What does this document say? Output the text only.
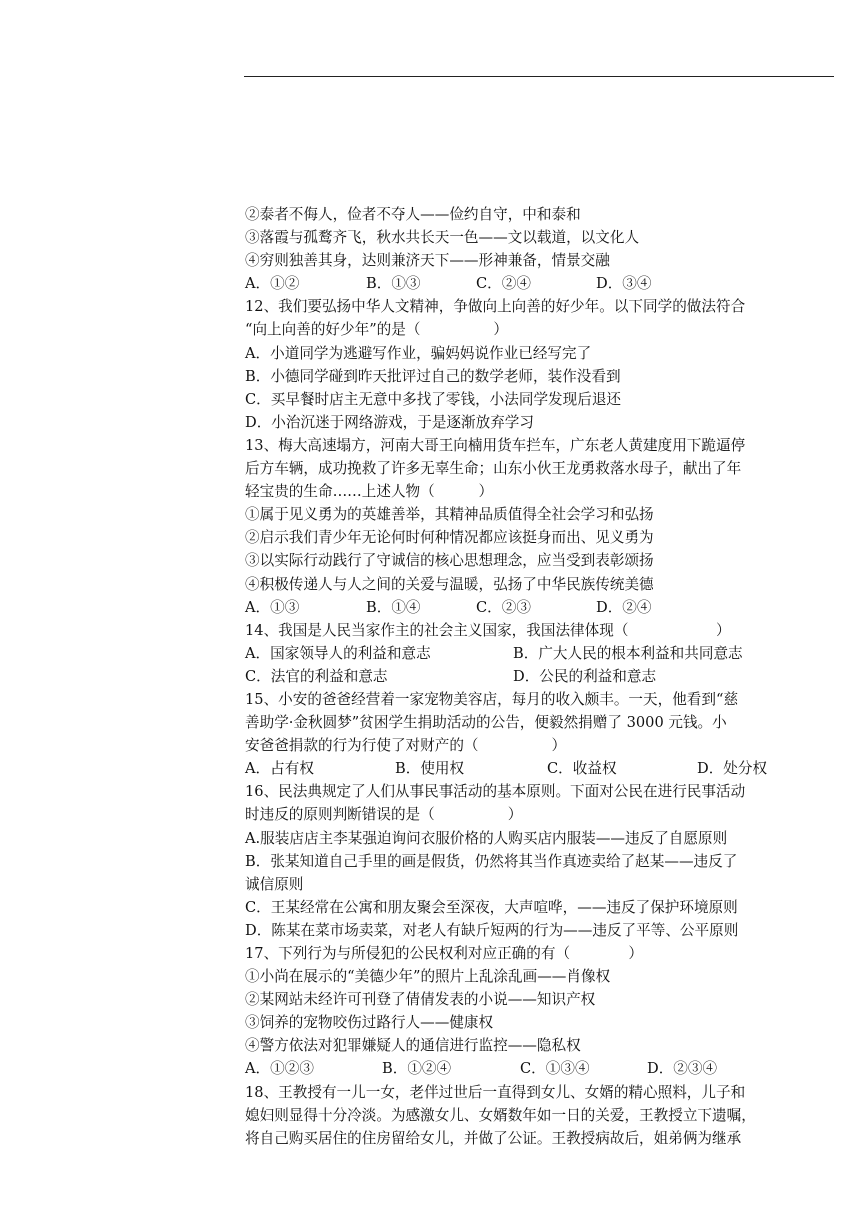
②泰者不侮人，俭者不夺人——俭约自守，中和泰和
③落霞与孤鹜齐飞，秋水共长天一色——文以载道，以文化人
④穷则独善其身，达则兼济天下——形神兼备，情景交融
A．①②	B．①③	C．②④	D．③④
12、我们要弘扬中华人文精神，争做向上向善的好少年。以下同学的做法符合
“向上向善的好少年”的是（　　　　　）
A．小道同学为逃避写作业，骗妈妈说作业已经写完了
B．小德同学碰到昨天批评过自己的数学老师，装作没看到
C．买早餐时店主无意中多找了零钱，小法同学发现后退还
D．小治沉迷于网络游戏，于是逐渐放弃学习
13、梅大高速塌方，河南大哥王向楠用货车拦车，广东老人黄建度用下跪逼停
后方车辆，成功挽救了许多无辜生命；山东小伙王龙勇救落水母子，献出了年
轻宝贵的生命……上述人物（　　　）
①属于见义勇为的英雄善举，其精神品质值得全社会学习和弘扬
②启示我们青少年无论何时何种情况都应该挺身而出、见义勇为
③以实际行动践行了守诚信的核心思想理念，应当受到表彰颂扬
④积极传递人与人之间的关爱与温暖，弘扬了中华民族传统美德
A．①③	B．①④	C．②③	D．②④
14、我国是人民当家作主的社会主义国家，我国法律体现（　　　　　　）
A．国家领导人的利益和意志	B．广大人民的根本利益和共同意志
C．法官的利益和意志	D．公民的利益和意志
15、小安的爸爸经营着一家宠物美容店，每月的收入颇丰。一天，他看到“慈
善助学·金秋圆梦”贫困学生捐助活动的公告，便毅然捐赠了 3000 元钱。小
安爸爸捐款的行为行使了对财产的（　　　　　）
A．占有权	B．使用权	C．收益权	D．处分权
16、民法典规定了人们从事民事活动的基本原则。下面对公民在进行民事活动
时违反的原则判断错误的是（　　　　　）
A.服装店店主李某强迫询问衣服价格的人购买店内服装——违反了自愿原则
B．张某知道自己手里的画是假货，仍然将其当作真迹卖给了赵某——违反了
诚信原则
C．王某经常在公寓和朋友聚会至深夜，大声喧哗，——违反了保护环境原则
D．陈某在菜市场卖菜，对老人有缺斤短两的行为——违反了平等、公平原则
17、下列行为与所侵犯的公民权利对应正确的有（　　　　）
①小尚在展示的“美德少年”的照片上乱涂乱画——肖像权
②某网站未经许可刊登了倩倩发表的小说——知识产权
③饲养的宠物咬伤过路行人——健康权
④警方依法对犯罪嫌疑人的通信进行监控——隐私权
A．①②③	B．①②④	C．①③④	D．②③④
18、王教授有一儿一女，老伴过世后一直得到女儿、女婿的精心照料，儿子和
媳妇则显得十分冷淡。为感激女儿、女婿数年如一日的关爱，王教授立下遗嘱，
将自己购买居住的住房留给女儿，并做了公证。王教授病故后，姐弟俩为继承
